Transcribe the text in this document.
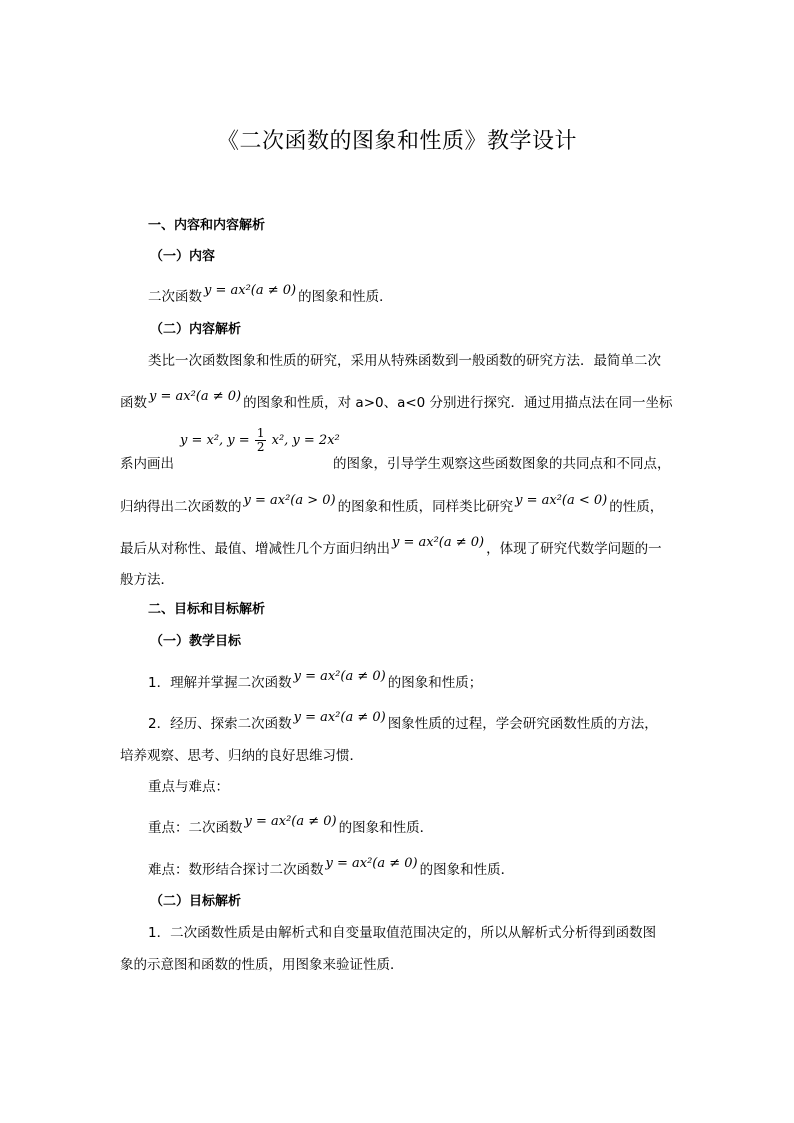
《二次函数的图象和性质》教学设计
一、内容和内容解析
（一）内容
二次函数 y = ax²(a ≠ 0) 的图象和性质．
（二）内容解析
类比一次函数图象和性质的研究，采用从特殊函数到一般函数的研究方法．最简单二次
函数 y = ax²(a ≠ 0) 的图象和性质，对 a>0、a<0 分别进行探究．通过用描点法在同一坐标
系内画出
y = x², $y = \frac{1}{2} x^2$, y = 2x²
的图象，引导学生观察这些函数图象的共同点和不同点，
归纳得出二次函数的 y = ax²(a > 0) 的图象和性质，同样类比研究 y = ax²(a < 0) 的性质，
最后从对称性、最值、增减性几个方面归纳出 y = ax²(a ≠ 0) ，体现了研究代数学问题的一
般方法．
二、目标和目标解析
（一）教学目标
1．理解并掌握二次函数 y = ax²(a ≠ 0) 的图象和性质；
2．经历、探索二次函数 y = ax²(a ≠ 0) 图象性质的过程，学会研究函数性质的方法，
培养观察、思考、归纳的良好思维习惯．
重点与难点：
重点：二次函数 y = ax²(a ≠ 0) 的图象和性质．
难点：数形结合探讨二次函数 y = ax²(a ≠ 0) 的图象和性质．
（二）目标解析
1．二次函数性质是由解析式和自变量取值范围决定的，所以从解析式分析得到函数图
象的示意图和函数的性质，用图象来验证性质．
